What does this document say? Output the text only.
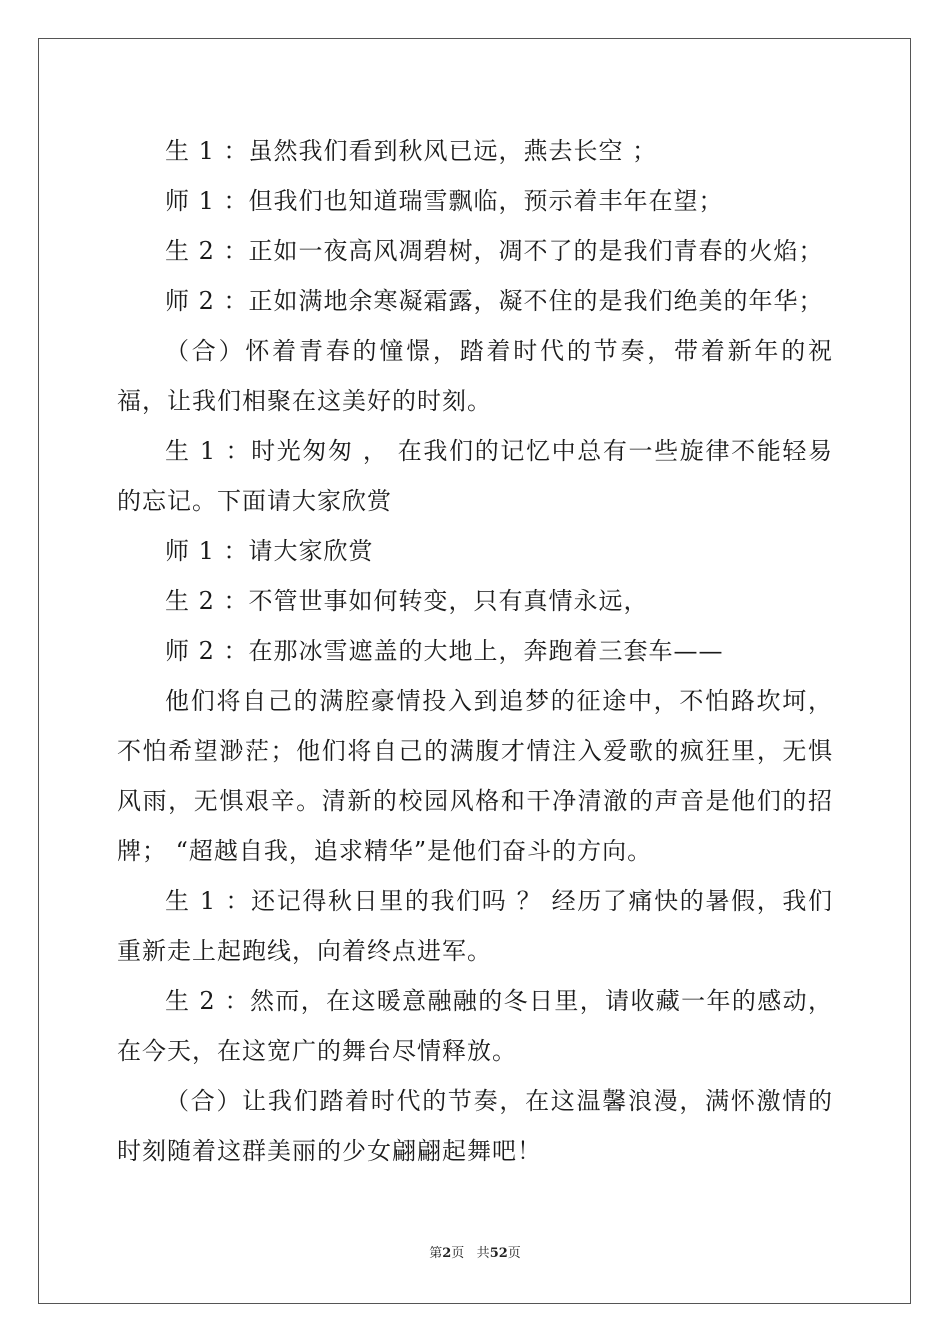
生 1 ：虽然我们看到秋风已远，燕去长空 ；

师 1 ：但我们也知道瑞雪飘临，预示着丰年在望；

生 2 ：正如一夜高风凋碧树，凋不了的是我们青春的火焰；

师 2 ：正如满地余寒凝霜露，凝不住的是我们绝美的年华；

（合）怀着青春的憧憬，踏着时代的节奏，带着新年的祝福，让我们相聚在这美好的时刻。

生 1 ：时光匆匆 ， 在我们的记忆中总有一些旋律不能轻易的忘记。下面请大家欣赏

师 1 ：请大家欣赏

生 2 ：不管世事如何转变，只有真情永远，

师 2 ：在那冰雪遮盖的大地上，奔跑着三套车——

他们将自己的满腔豪情投入到追梦的征途中，不怕路坎坷，不怕希望渺茫；他们将自己的满腹才情注入爱歌的疯狂里，无惧风雨，无惧艰辛。清新的校园风格和干净清澈的声音是他们的招牌； “超越自我，追求精华”是他们奋斗的方向。

生 1 ：还记得秋日里的我们吗 ？ 经历了痛快的暑假，我们重新走上起跑线，向着终点进军。

生 2 ：然而，在这暖意融融的冬日里，请收藏一年的感动，在今天，在这宽广的舞台尽情释放。

（合）让我们踏着时代的节奏，在这温馨浪漫，满怀激情的时刻随着这群美丽的少女翩翩起舞吧！

第2页 共52页
